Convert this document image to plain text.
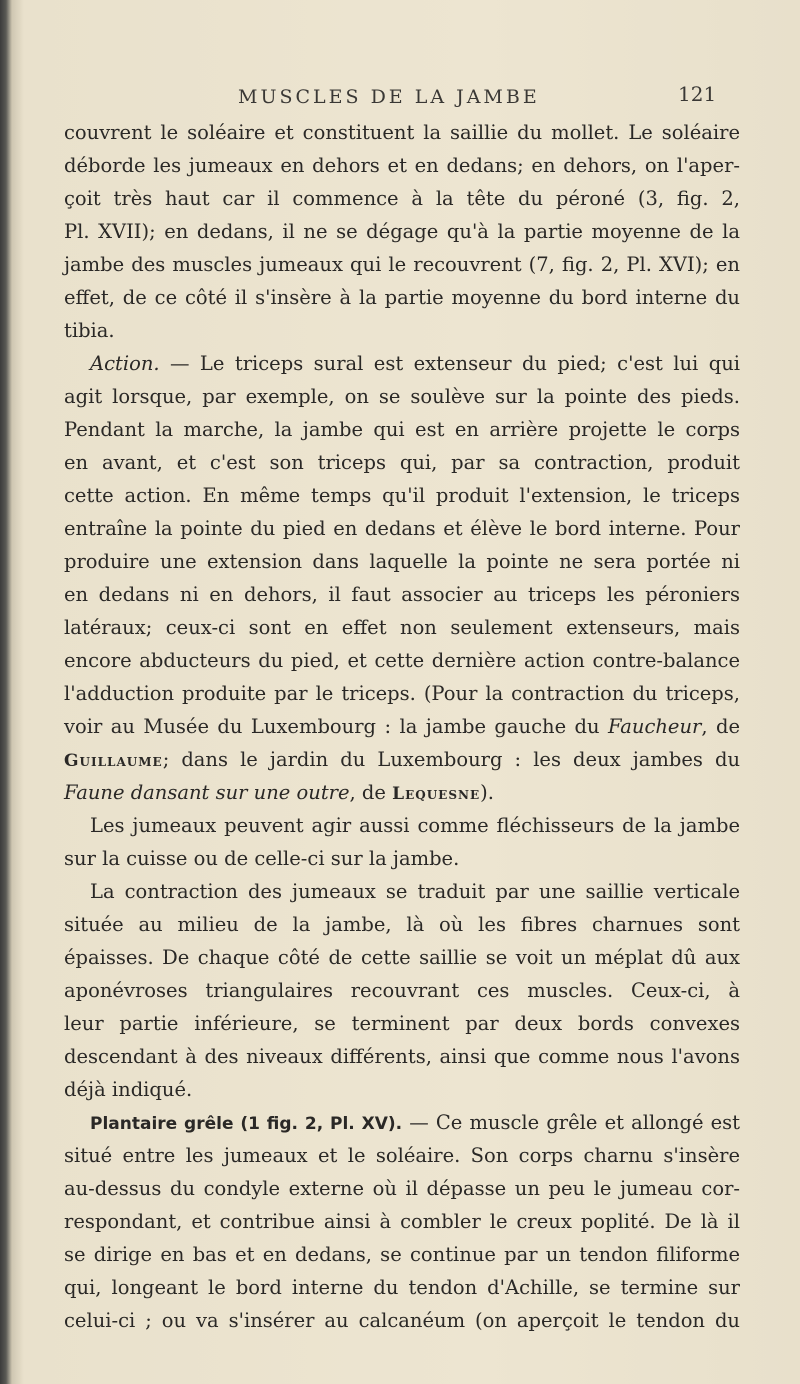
MUSCLES DE LA JAMBE	121
couvrent le soléaire et constituent la saillie du mollet. Le soléaire
déborde les jumeaux en dehors et en dedans; en dehors, on l'aper-
çoit très haut car il commence à la tête du péroné (3, fig. 2,
Pl. XVII); en dedans, il ne se dégage qu'à la partie moyenne de la
jambe des muscles jumeaux qui le recouvrent (7, fig. 2, Pl. XVI); en
effet, de ce côté il s'insère à la partie moyenne du bord interne du
tibia.
Action. — Le triceps sural est extenseur du pied; c'est lui qui
agit lorsque, par exemple, on se soulève sur la pointe des pieds.
Pendant la marche, la jambe qui est en arrière projette le corps
en avant, et c'est son triceps qui, par sa contraction, produit
cette action. En même temps qu'il produit l'extension, le triceps
entraîne la pointe du pied en dedans et élève le bord interne. Pour
produire une extension dans laquelle la pointe ne sera portée ni
en dedans ni en dehors, il faut associer au triceps les péroniers
latéraux; ceux-ci sont en effet non seulement extenseurs, mais
encore abducteurs du pied, et cette dernière action contre-balance
l'adduction produite par le triceps. (Pour la contraction du triceps,
voir au Musée du Luxembourg : la jambe gauche du Faucheur, de
Guillaume; dans le jardin du Luxembourg : les deux jambes du
Faune dansant sur une outre, de Lequesne).
Les jumeaux peuvent agir aussi comme fléchisseurs de la jambe
sur la cuisse ou de celle-ci sur la jambe.
La contraction des jumeaux se traduit par une saillie verticale
située au milieu de la jambe, là où les fibres charnues sont
épaisses. De chaque côté de cette saillie se voit un méplat dû aux
aponévroses triangulaires recouvrant ces muscles. Ceux-ci, à
leur partie inférieure, se terminent par deux bords convexes
descendant à des niveaux différents, ainsi que comme nous l'avons
déjà indiqué.
Plantaire grêle (1 fig. 2, Pl. XV). — Ce muscle grêle et allongé est
situé entre les jumeaux et le soléaire. Son corps charnu s'insère
au-dessus du condyle externe où il dépasse un peu le jumeau cor-
respondant, et contribue ainsi à combler le creux poplité. De là il
se dirige en bas et en dedans, se continue par un tendon filiforme
qui, longeant le bord interne du tendon d'Achille, se termine sur
celui-ci ; ou va s'insérer au calcanéum (on aperçoit le tendon du
